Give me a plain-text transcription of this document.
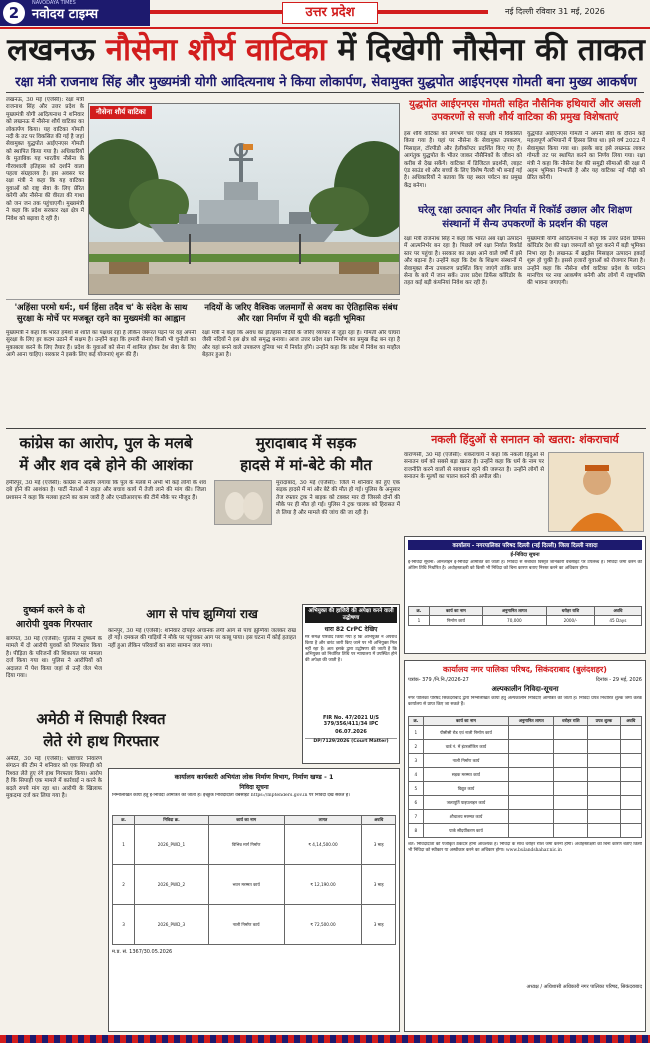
2
NAVODAYA TIMES
नवोदय टाइम्स	उत्तर प्रदेश	नई दिल्ली रविवार 31 मई, 2026
लखनऊ नौसेना शौर्य वाटिका में दिखेगी नौसेना की ताकत
रक्षा मंत्री राजनाथ सिंह और मुख्यमंत्री योगी आदित्यनाथ ने किया लोकार्पण, सेवामुक्त युद्धपोत आईएनएस गोमती बना मुख्य आकर्षण
लखनऊ, 30 मई (एजेंसी): रक्षा मंत्री राजनाथ सिंह और उत्तर प्रदेश के मुख्यमंत्री योगी आदित्यनाथ ने शनिवार को लखनऊ में नौसेना शौर्य वाटिका का लोकार्पण किया। यह वाटिका गोमती नदी के तट पर विकसित की गई है जहां सेवामुक्त युद्धपोत आईएनएस गोमती को स्थापित किया गया है। अधिकारियों के मुताबिक यह भारतीय नौसेना के गौरवशाली इतिहास को दर्शाने वाला पहला संग्रहालय है। इस अवसर पर रक्षा मंत्री ने कहा कि यह वाटिका युवाओं को राष्ट्र सेवा के लिए प्रेरित करेगी और नौसेना की वीरता की गाथा को जन जन तक पहुंचाएगी। मुख्यमंत्री ने कहा कि प्रदेश सरकार रक्षा क्षेत्र में निवेश को बढ़ावा दे रही है।
नौसेना शौर्य वाटिका
युद्धपोत आईएनएस गोमती सहित नौसैनिक हथियारों और असली उपकरणों से सजी शौर्य वाटिका की प्रमुख विशेषताएं
इस शौर्य वाटिका को लगभग चार एकड़ क्षेत्र में विकसित किया गया है। यहां पर नौसेना के सेवामुक्त उपकरण, मिसाइल, टॉरपीडो और हेलीकॉप्टर प्रदर्शित किए गए हैं। आगंतुक युद्धपोत के भीतर जाकर नौसैनिकों के जीवन को करीब से देख सकेंगे। वाटिका में डिजिटल प्रदर्शनी, लाइट एंड साउंड शो और बच्चों के लिए विशेष गैलरी भी बनाई गई है। अधिकारियों ने बताया कि यह स्थल पर्यटन का प्रमुख केंद्र बनेगा।
युद्धपोत आईएनएस गोमती ने अपनी सेवा के दौरान कई महत्वपूर्ण अभियानों में हिस्सा लिया था। इसे वर्ष 2022 में सेवामुक्त किया गया था। इसके बाद इसे लखनऊ लाकर गोमती तट पर स्थापित करने का निर्णय लिया गया। रक्षा मंत्री ने कहा कि नौसेना देश की समुद्री सीमाओं की रक्षा में अहम भूमिका निभाती है और यह वाटिका नई पीढ़ी को प्रेरित करेगी।
घरेलू रक्षा उत्पादन और निर्यात में रिकॉर्ड उछाल और शिक्षण संस्थानों में सैन्य उपकरणों के प्रदर्शन की पहल
रक्षा मंत्री राजनाथ सिंह ने कहा कि भारत अब रक्षा उत्पादन में आत्मनिर्भर बन रहा है। पिछले वर्ष रक्षा निर्यात रिकॉर्ड स्तर पर पहुंचा है। सरकार का लक्ष्य आने वाले वर्षों में इसे और बढ़ाना है। उन्होंने कहा कि देश के शिक्षण संस्थानों में सेवामुक्त सैन्य उपकरण प्रदर्शित किए जाएंगे ताकि छात्र सेना के बारे में जान सकें। उत्तर प्रदेश डिफेंस कॉरिडोर के तहत कई बड़ी कंपनियां निवेश कर रही हैं।
मुख्यमंत्री योगी आदित्यनाथ ने कहा कि उत्तर प्रदेश डिफेंस कॉरिडोर देश की रक्षा जरूरतों को पूरा करने में बड़ी भूमिका निभा रहा है। लखनऊ में ब्रह्मोस मिसाइल उत्पादन इकाई शुरू हो चुकी है। इससे हजारों युवाओं को रोजगार मिला है। उन्होंने कहा कि नौसेना शौर्य वाटिका प्रदेश के पर्यटन मानचित्र पर नया आकर्षण बनेगी और लोगों में राष्ट्रभक्ति की भावना जगाएगी।
'अहिंसा परमो धर्म:, धर्म हिंसा तदैव च' के संदेश के साथ सुरक्षा के मोर्चे पर मजबूत रहने का मुख्यमंत्री का आह्वान
मुख्यमंत्री ने कहा कि भारत हमेशा से शांति का पक्षधर रहा है लेकिन जरूरत पड़ने पर वह अपनी सुरक्षा के लिए हर कदम उठाने में सक्षम है। उन्होंने कहा कि हमारी सेनाएं किसी भी चुनौती का मुकाबला करने के लिए तैयार हैं। प्रदेश के युवाओं को सेना में शामिल होकर देश सेवा के लिए आगे आना चाहिए। सरकार ने इसके लिए कई योजनाएं शुरू की हैं।
नदियों के जरिए वैश्विक जलमार्गों से अवध का ऐतिहासिक संबंध और रक्षा निर्माण में यूपी की बढ़ती भूमिका
रक्षा मंत्री ने कहा कि अवध का इतिहास नदियों के जरिए व्यापार से जुड़ा रहा है। गोमती और घाघरा जैसी नदियों ने इस क्षेत्र को समृद्ध बनाया। आज उत्तर प्रदेश रक्षा निर्माण का प्रमुख केंद्र बन रहा है और यहां बनने वाले उपकरण दुनिया भर में निर्यात होंगे। उन्होंने कहा कि प्रदेश में निवेश का माहौल बेहतर हुआ है।
कांग्रेस का आरोप, पुल के मलबे
में और शव दबे होने की आशंका
हमीरपुर, 30 मई (एजेंसी): कांग्रेस ने आरोप लगाया कि पुल के मलबे में अभी भी कई लोगों के शव दबे होने की आशंका है। पार्टी नेताओं ने राहत और बचाव कार्य में तेजी लाने की मांग की। जिला प्रशासन ने कहा कि मलबा हटाने का काम जारी है और एनडीआरएफ की टीमें मौके पर मौजूद हैं।
मुरादाबाद में सड़क
हादसे में मां-बेटे की मौत
मुरादाबाद, 30 मई (एजेंसी): जिले में शनिवार को हुए एक सड़क हादसे में मां और बेटे की मौत हो गई। पुलिस के अनुसार तेज रफ्तार ट्रक ने बाइक को टक्कर मार दी जिससे दोनों की मौके पर ही मौत हो गई। पुलिस ने ट्रक चालक को हिरासत में ले लिया है और मामले की जांच की जा रही है।
नकली हिंदुओं से सनातन को खतरा: शंकराचार्य
वाराणसी, 30 मई (एजेंसी): शंकराचार्य ने कहा कि नकली हिंदुओं से सनातन धर्म को सबसे बड़ा खतरा है। उन्होंने कहा कि धर्म के नाम पर राजनीति करने वालों से सावधान रहने की जरूरत है। उन्होंने लोगों से सनातन के मूल्यों का पालन करने की अपील की।
कार्यालय - नगरपालिका परिषद दिल्ली (नई दिल्ली) जिला दिल्ली नवादा
ई-निविदा सूचना
ई-निविदा सूचना: ऑनलाइन ई-निविदा आमंत्रित की जाती है। निविदा से संबंधित विस्तृत जानकारी वेबसाइट पर उपलब्ध है। निविदा जमा करने की अंतिम तिथि निर्धारित है। अधोहस्ताक्षरी को किसी भी निविदा को बिना कारण बताए निरस्त करने का अधिकार होगा।
क्र.	कार्य का नाम	अनुमानित लागत	धरोहर राशि	अवधि
1	निर्माण कार्य	70,000	2000/-	45 Days
दुष्कर्म करने के दो
आरोपी युवक गिरफ्तार
बागपत, 30 मई (एजेंसी): पुलिस ने दुष्कर्म के मामले में दो आरोपी युवकों को गिरफ्तार किया है। पीड़िता के परिजनों की शिकायत पर मामला दर्ज किया गया था। पुलिस ने आरोपियों को अदालत में पेश किया जहां से उन्हें जेल भेज दिया गया।
आग से पांच झुग्गियां राख
कानपुर, 30 मई (एजेंसी): शनिवार दोपहर अचानक लगी आग से पांच झुग्गियां जलकर राख हो गईं। दमकल की गाड़ियों ने मौके पर पहुंचकर आग पर काबू पाया। इस घटना में कोई हताहत नहीं हुआ लेकिन परिवारों का सारा सामान जल गया।
अभियुक्त की हाजिरी की अपेक्षा करने वाली उद्घोषणा
धारा 82 CrPC देखिए
मेरे समक्ष परिवाद किया गया है कि अभियुक्त ने अपराध किया है और वारंट जारी किए जाने पर भी अभियुक्त मिल नहीं रहा है। अतः इसके द्वारा उद्घोषणा की जाती है कि अभियुक्त को निर्धारित तिथि पर न्यायालय में उपस्थित होने की अपेक्षा की जाती है।
FIR No. 47/2021 U/S 379/356/411/34 IPC
06.07.2026
DP/7129/2026 (Court Matter)
कार्यालय नगर पालिका परिषद, सिकंदराबाद (बुलंदशहर)
पत्रांक- 379 /नि.नि./2026-27	दिनांक - 29 मई, 2026
अल्पकालीन निविदा-सूचना
नगर पालिका परिषद सिकंदराबाद द्वारा निम्नलिखित कार्यों हेतु अल्पकालीन निविदाएं आमंत्रित की जाती हैं। निविदा प्रपत्र निर्धारित शुल्क जमा करके कार्यालय से प्राप्त किए जा सकते हैं।
क्र.	कार्य का नाम	अनुमानित लागत	धरोहर राशि	प्रपत्र शुल्क	अवधि
1	पीसीसी रोड एवं नाली निर्माण कार्य				
2	वार्ड नं. में इंटरलॉकिंग कार्य				
3	नाली निर्माण कार्य				
4	सड़क मरम्मत कार्य				
5	विद्युत कार्य				
6	जलापूर्ति पाइपलाइन कार्य				
7	शौचालय मरम्मत कार्य				
8	पार्क सौंदर्यीकरण कार्य				
शर्तें: निविदादाता को पंजीकृत ठेकेदार होना आवश्यक है। निविदा के साथ धरोहर राशि जमा करनी होगी। अधोहस्ताक्षरी को बिना कारण बताए किसी भी निविदा को स्वीकार या अस्वीकार करने का अधिकार होगा। www.bulandshahar.nic.in
अध्यक्ष / अधिशासी अधिकारी नगर पालिका परिषद, सिकंदराबाद
अमेठी में सिपाही रिश्वत
लेते रंगे हाथ गिरफ्तार
अमेठी, 30 मई (एजेंसी): भ्रष्टाचार निवारण संगठन की टीम ने शनिवार को एक सिपाही को रिश्वत लेते हुए रंगे हाथ गिरफ्तार किया। आरोप है कि सिपाही एक मामले में कार्रवाई न करने के बदले रुपये मांग रहा था। आरोपी के खिलाफ मुकदमा दर्ज कर लिया गया है।
कार्यालय कार्यकारी अभियंता लोक निर्माण विभाग, निर्माण खण्ड - 1
निविदा सूचना
निम्नलिखित कार्यों हेतु ई-निविदा आमंत्रित की जाती है। इच्छुक निविदादाता वेबसाइट https://mptenders.gov.in पर निविदा देख सकते हैं।
क्र.	निविदा क्र.	कार्य का नाम	लागत	अवधि
1	2026_PWD_1	विभिन्न मार्ग निर्माण	₹ 4,14,500.00	3 माह
2	2026_PWD_2	भवन मरम्मत कार्य	₹ 12,190.00	3 माह
3	2026_PWD_3	नाली निर्माण कार्य	₹ 72,500.00	3 माह
म.प्र. सं. 1367/30.05.2026
